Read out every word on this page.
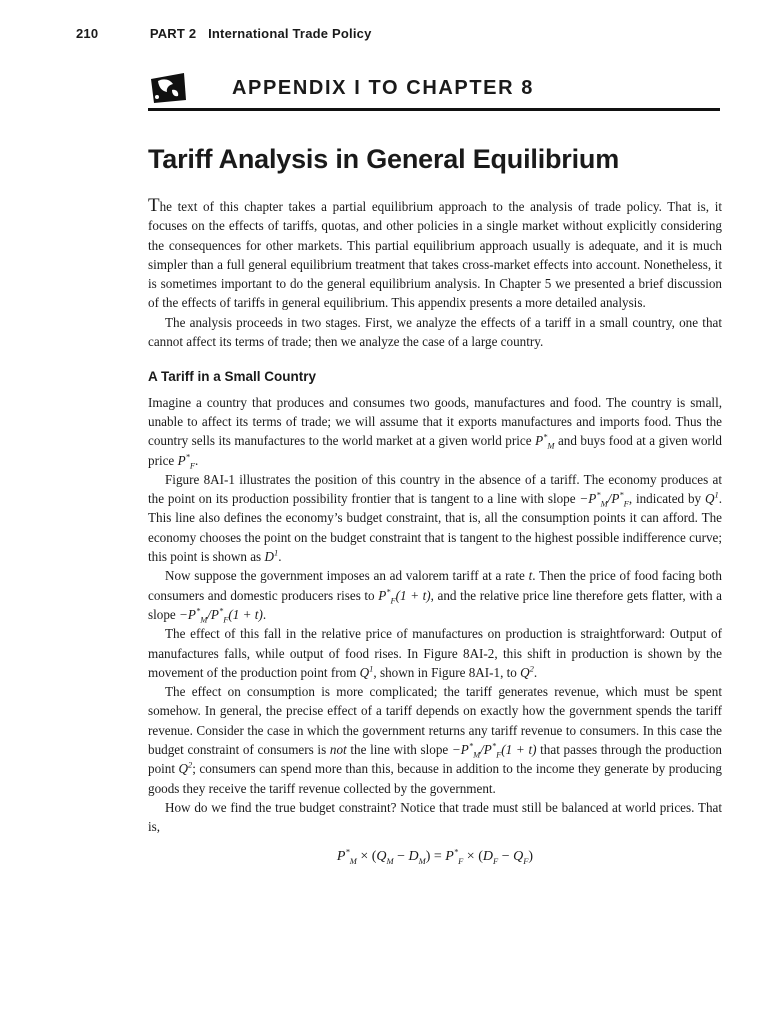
210	PART 2 International Trade Policy
APPENDIX I TO CHAPTER 8
Tariff Analysis in General Equilibrium

The text of this chapter takes a partial equilibrium approach to the analysis of trade policy. That is, it focuses on the effects of tariffs, quotas, and other policies in a single market without explicitly considering the consequences for other markets. This partial equilibrium approach usually is adequate, and it is much simpler than a full general equilibrium treatment that takes cross-market effects into account. Nonetheless, it is sometimes important to do the general equilibrium analysis. In Chapter 5 we presented a brief discussion of the effects of tariffs in general equilibrium. This appendix presents a more detailed analysis.

The analysis proceeds in two stages. First, we analyze the effects of a tariff in a small country, one that cannot affect its terms of trade; then we analyze the case of a large country.

A Tariff in a Small Country

Imagine a country that produces and consumes two goods, manufactures and food. The country is small, unable to affect its terms of trade; we will assume that it exports manufactures and imports food. Thus the country sells its manufactures to the world market at a given world price $P^*_M$ and buys food at a given world price $P^*_F$.

Figure 8AI-1 illustrates the position of this country in the absence of a tariff. The economy produces at the point on its production possibility frontier that is tangent to a line with slope $-P^*_M/P^*_F$, indicated by $Q^1$. This line also defines the economy’s budget constraint, that is, all the consumption points it can afford. The economy chooses the point on the budget constraint that is tangent to the highest possible indifference curve; this point is shown as $D^1$.

Now suppose the government imposes an ad valorem tariff at a rate t. Then the price of food facing both consumers and domestic producers rises to $P^*_F(1 + t)$, and the relative price line therefore gets flatter, with a slope $-P^*_M/P^*_F(1 + t)$.

The effect of this fall in the relative price of manufactures on production is straightforward: Output of manufactures falls, while output of food rises. In Figure 8AI-2, this shift in production is shown by the movement of the production point from $Q^1$, shown in Figure 8AI-1, to $Q^2$.

The effect on consumption is more complicated; the tariff generates revenue, which must be spent somehow. In general, the precise effect of a tariff depends on exactly how the government spends the tariff revenue. Consider the case in which the government returns any tariff revenue to consumers. In this case the budget constraint of consumers is not the line with slope $-P^*_M/P^*_F(1 + t)$ that passes through the production point $Q^2$; consumers can spend more than this, because in addition to the income they generate by producing goods they receive the tariff revenue collected by the government.

How do we find the true budget constraint? Notice that trade must still be balanced at world prices. That is,

$P^*_M \times (Q_M - D_M) = P^*_F \times (D_F - Q_F)$
